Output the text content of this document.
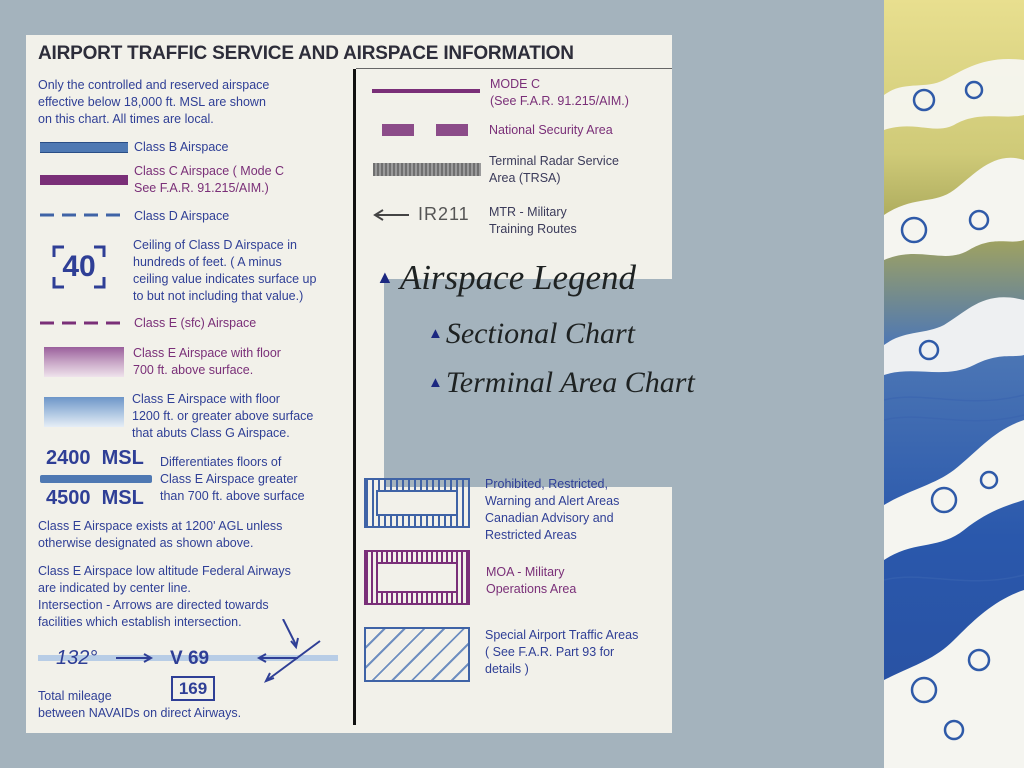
AIRPORT TRAFFIC SERVICE AND AIRSPACE INFORMATION
Only the controlled and reserved airspace
effective below 18,000 ft. MSL are shown
on this chart. All times are local.
Class B Airspace
Class C Airspace ( Mode C
See F.A.R. 91.215/AIM.)
Class D Airspace
40
Ceiling of Class D Airspace in
hundreds of feet. ( A minus
ceiling value indicates surface up
to but not including that value.)
Class E (sfc) Airspace
Class E Airspace with floor
700 ft. above surface.
Class E Airspace with floor
1200 ft. or greater above surface
that abuts Class G Airspace.
2400  MSL
4500  MSL
Differentiates floors of
Class E Airspace greater
than 700 ft. above surface
Class E Airspace exists at 1200' AGL unless
otherwise designated as shown above.
Class E Airspace low altitude Federal Airways
are indicated by center line.
Intersection - Arrows are directed towards
facilities which establish intersection.
132°	V 69
169
Total mileage
between NAVAIDs on direct Airways.
MODE C
(See F.A.R. 91.215/AIM.)
National Security Area
Terminal Radar Service
Area (TRSA)
IR211 MTR - Military
Training Routes
Prohibited, Restricted,
Warning and Alert Areas
Canadian Advisory and
Restricted Areas
MOA - Military
Operations Area
Special Airport Traffic Areas
( See F.A.R. Part 93 for
details )
▲ Airspace Legend
▲ Sectional Chart
▲ Terminal Area Chart
